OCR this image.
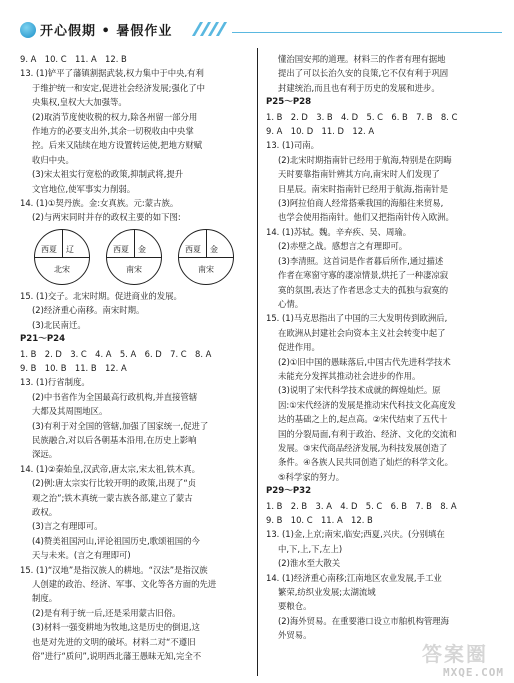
开心假期 • 暑假作业
9. A　10. C　11. A　12. B
13. (1)铲平了藩镇割据武装,权力集中于中央,有利
于维护统一和安定,促进社会经济发展;强化了中
央集权,皇权大大加强等。
(2)取消节度使收税的权力,除各州留一部分用
作地方的必要支出外,其余一切税收由中央掌
控。后来又陆续在地方设置转运使,把地方财赋
收归中央。
(3)宋太祖实行宽松的政策,抑制武将,提升
文官地位,使军事实力削弱。
14. (1)①契丹族。金:女真族。元:蒙古族。
(2)与两宋同时并存的政权主要的如下图:
西夏 辽
北宋
西夏 金
南宋
西夏 金
南宋
15. (1)交子。北宋时期。促进商业的发展。
(2)经济重心南移。南宋时期。
(3)北民南迁。
P21～P24
1. B　2. D　3. C　4. A　5. A　6. D　7. C　8. A
9. B　10. B　11. B　12. A
13. (1)行省制度。
(2)中书省作为全国最高行政机构,并直接管辖
大都及其周围地区。
(3)有利于对全国的管辖,加强了国家统一,促进了
民族融合,对以后各朝基本沿用,在历史上影响
深远。
14. (1)②秦始皇,汉武帝,唐太宗,宋太祖,铁木真。
(2)例:唐太宗实行比较开明的政策,出现了“贞
观之治”;铁木真统一蒙古族各部,建立了蒙古
政权。
(3)言之有理即可。
(4)赞美祖国河山,评论祖国历史,歌颂祖国的今
天与未来。(言之有理即可)
15. (1)“汉地”是指汉族人的耕地。“汉法”是指汉族
人创建的政治、经济、军事、文化等各方面的先进
制度。
(2)是有利于统一后,还是采用蒙古旧俗。
(3)材料一强变耕地为牧地,这是历史的倒退,这
也是对先进的文明的破坏。材料二对“不遵旧
俗”进行“质问”,说明西北藩王愚昧无知,完全不
懂治国安邦的道理。材料三的作者有理有据地
提出了可以长治久安的良策,它不仅有利于巩固
封建统治,而且也有利于历史的发展和进步。
P25～P28
1. B　2. D　3. B　4. D　5. C　6. B　7. B　8. C
9. A　10. D　11. D　12. A
13. (1)司南。
(2)北宋时期指南针已经用于航海,特别是在阴晦
天时要靠指南针辨其方向,南宋时人们发现了
日星辰。南宋时指南针已经用于航海,指南针是
(3)阿拉伯商人经常搭乘我国的海船往来贸易,
也学会使用指南针。他们又把指南针传入欧洲。
14. (1)苏轼。魏。辛弃疾、吴、周瑜。
(2)赤壁之战。感想言之有理即可。
(3)李清照。这首词是作者暮后所作,通过描述
作者在寒窗守寡的凄凉情景,烘托了一种凄凉寂
寞的氛围,表达了作者思念丈夫的孤独与寂寞的
心情。
15. (1)马克思指出了中国的三大发明传到欧洲后,
在欧洲从封建社会向资本主义社会转变中起了
促进作用。
(2)①旧中国的愚昧落后,中国古代先进科学技术
未能充分发挥其推动社会进步的作用。
(3)说明了宋代科学技术成就的辉煌灿烂。原
因:①宋代经济的发展是推动宋代科技文化高度发
达的基础之上的,起点高。②宋代结束了五代十
国的分裂局面,有利于政治、经济、文化的交流和
发展。③宋代商品经济发展,为科技发展创造了
条件。④各族人民共同创造了灿烂的科学文化。
⑤科学家的努力。
P29～P32
1. B　2. B　3. A　4. D　5. C　6. B　7. B　8. A
9. B　10. C　11. A　12. B
13. (1)金,上京;南宋,临安;西夏,兴庆。(分别填在
中,下,上,下,左上)
(2)淮水至大散关
14. (1)经济重心南移;江南地区农业发展,手工业
繁荣,纺织业发展;太湖流域
要粮仓。
(2)海外贸易。在重要港口设立市舶机构管理海
外贸易。
答案圈
MXQE.COM
